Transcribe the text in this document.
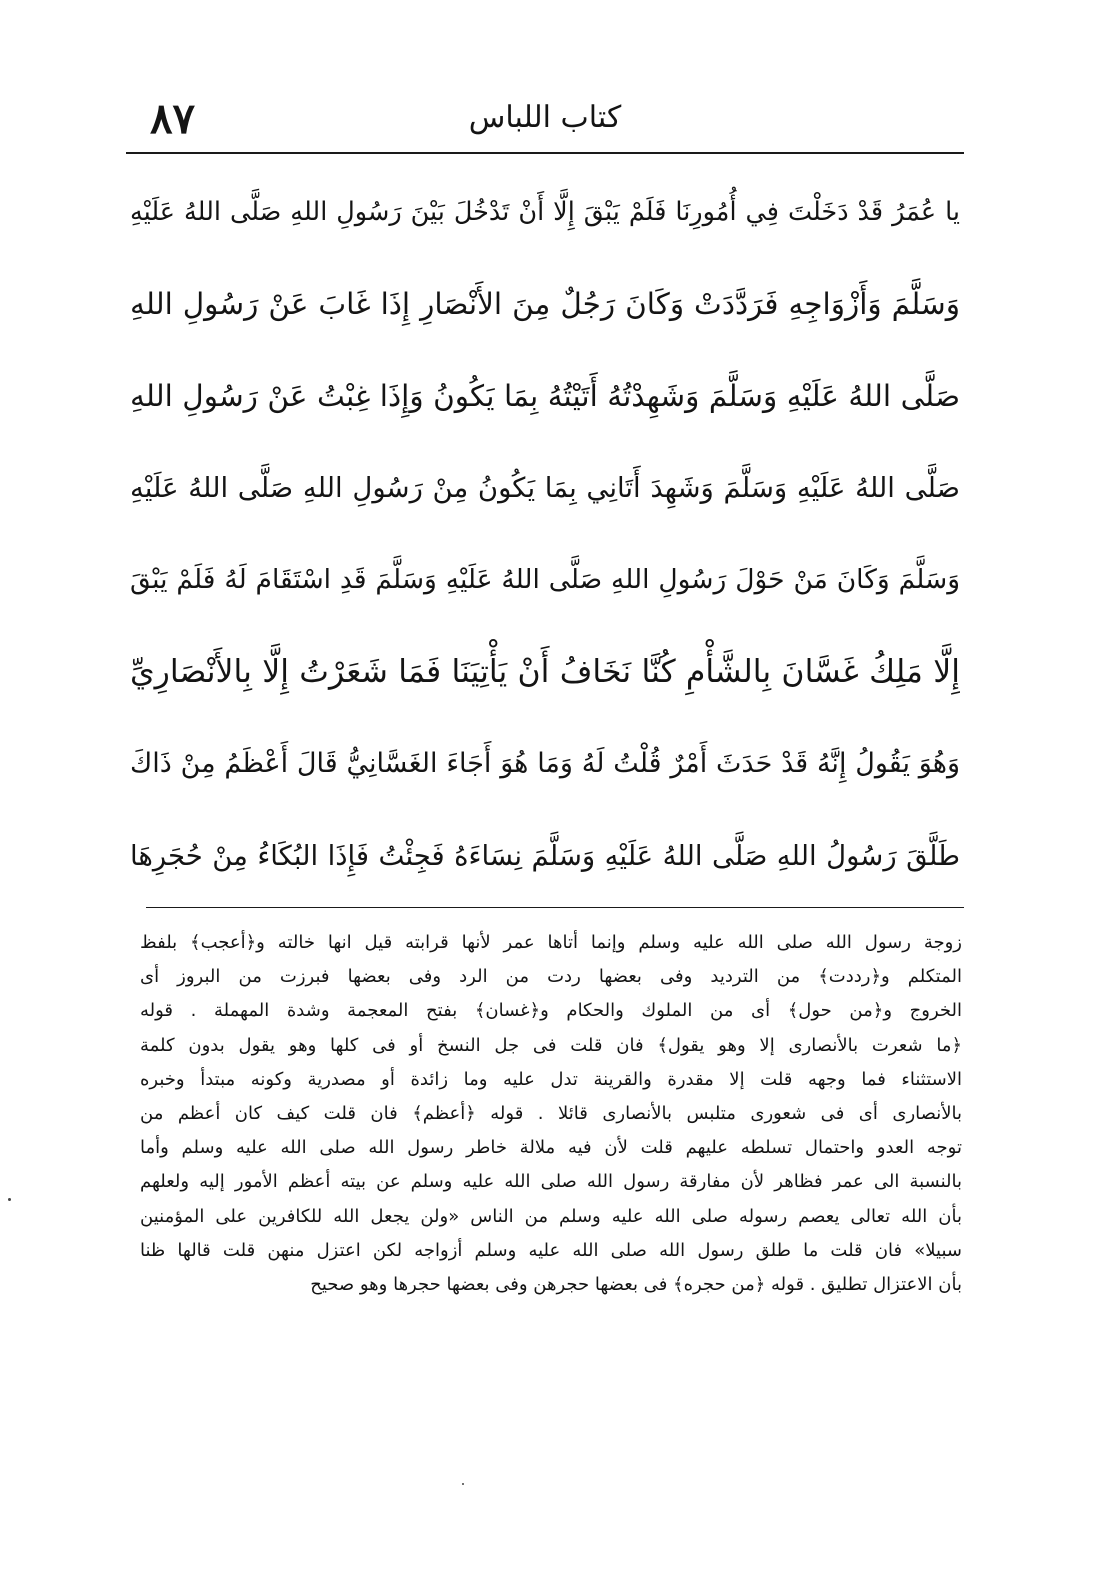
٨٧	كتاب اللباس
يا عُمَرُ قَدْ دَخَلْتَ فِي أُمُورِنَا فَلَمْ يَبْقَ إِلَّا أَنْ تَدْخُلَ بَيْنَ رَسُولِ اللهِ صَلَّى اللهُ عَلَيْهِ
وَسَلَّمَ وَأَزْوَاجِهِ فَرَدَّدَتْ وَكَانَ رَجُلٌ مِنَ الأَنْصَارِ إِذَا غَابَ عَنْ رَسُولِ اللهِ
صَلَّى اللهُ عَلَيْهِ وَسَلَّمَ وَشَهِدْتُهُ أَتَيْتُهُ بِمَا يَكُونُ وَإِذَا غِبْتُ عَنْ رَسُولِ اللهِ
صَلَّى اللهُ عَلَيْهِ وَسَلَّمَ وَشَهِدَ أَتَانِي بِمَا يَكُونُ مِنْ رَسُولِ اللهِ صَلَّى اللهُ عَلَيْهِ
وَسَلَّمَ وَكَانَ مَنْ حَوْلَ رَسُولِ اللهِ صَلَّى اللهُ عَلَيْهِ وَسَلَّمَ قَدِ اسْتَقَامَ لَهُ فَلَمْ يَبْقَ
إِلَّا مَلِكُ غَسَّانَ بِالشَّأْمِ كُنَّا نَخَافُ أَنْ يَأْتِيَنَا فَمَا شَعَرْتُ إِلَّا بِالأَنْصَارِيِّ
وَهُوَ يَقُولُ إِنَّهُ قَدْ حَدَثَ أَمْرٌ قُلْتُ لَهُ وَمَا هُوَ أَجَاءَ الغَسَّانِيُّ قَالَ أَعْظَمُ مِنْ ذَاكَ
طَلَّقَ رَسُولُ اللهِ صَلَّى اللهُ عَلَيْهِ وَسَلَّمَ نِسَاءَهُ فَجِئْتُ فَإِذَا البُكَاءُ مِنْ حُجَرِهَا
زوجة رسول الله صلى الله عليه وسلم وإنما أتاها عمر لأنها قرابته قيل انها خالته و﴿أعجب﴾ بلفظ
المتكلم و﴿رددت﴾ من الترديد وفى بعضها ردت من الرد وفى بعضها فبرزت من البروز أى
الخروج و﴿من حول﴾ أى من الملوك والحكام و﴿غسان﴾ بفتح المعجمة وشدة المهملة . قوله
﴿ما شعرت بالأنصارى إلا وهو يقول﴾ فان قلت فى جل النسخ أو فى كلها وهو يقول بدون كلمة
الاستثناء فما وجهه قلت إلا مقدرة والقرينة تدل عليه وما زائدة أو مصدرية وكونه مبتدأ وخبره
بالأنصارى أى فى شعورى متلبس بالأنصارى قائلا . قوله ﴿أعظم﴾ فان قلت كيف كان أعظم من
توجه العدو واحتمال تسلطه عليهم قلت لأن فيه ملالة خاطر رسول الله صلى الله عليه وسلم وأما
بالنسبة الى عمر فظاهر لأن مفارقة رسول الله صلى الله عليه وسلم عن بيته أعظم الأمور إليه ولعلهم
بأن الله تعالى يعصم رسوله صلى الله عليه وسلم من الناس «ولن يجعل الله للكافرين على المؤمنين
سبيلا» فان قلت ما طلق رسول الله صلى الله عليه وسلم أزواجه لكن اعتزل منهن قلت قالها ظنا
بأن الاعتزال تطليق . قوله ﴿من حجره﴾ فى بعضها حجرهن وفى بعضها حجرها وهو صحيح
